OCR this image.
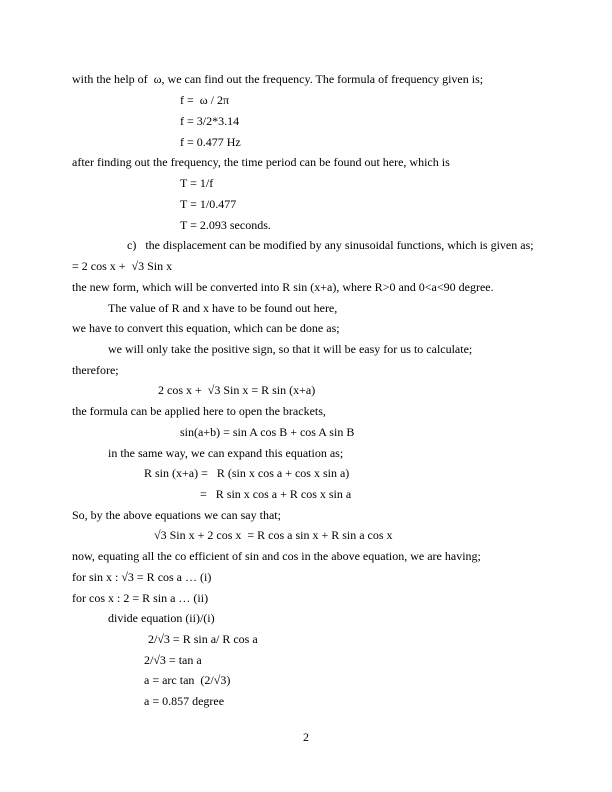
with the help of  ω, we can find out the frequency. The formula of frequency given is;
f =  ω / 2π
f = 3/2*3.14
f = 0.477 Hz
after finding out the frequency, the time period can be found out here, which is
T = 1/f
T = 1/0.477
T = 2.093 seconds.
c)   the displacement can be modified by any sinusoidal functions, which is given as;
= 2 cos x +  √3 Sin x
the new form, which will be converted into R sin (x+a), where R>0 and 0<a<90 degree.
The value of R and x have to be found out here,
we have to convert this equation, which can be done as;
we will only take the positive sign, so that it will be easy for us to calculate;
therefore;
2 cos x +  √3 Sin x = R sin (x+a)
the formula can be applied here to open the brackets,
sin(a+b) = sin A cos B + cos A sin B
in the same way, we can expand this equation as;
R sin (x+a) =   R (sin x cos a + cos x sin a)
=   R sin x cos a + R cos x sin a
So, by the above equations we can say that;
√3 Sin x + 2 cos x  = R cos a sin x + R sin a cos x
now, equating all the co efficient of sin and cos in the above equation, we are having;
for sin x : √3 = R cos a … (i)
for cos x : 2 = R sin a … (ii)
divide equation (ii)/(i)
2/√3 = R sin a/ R cos a
2/√3 = tan a
a = arc tan  (2/√3)
a = 0.857 degree
2
